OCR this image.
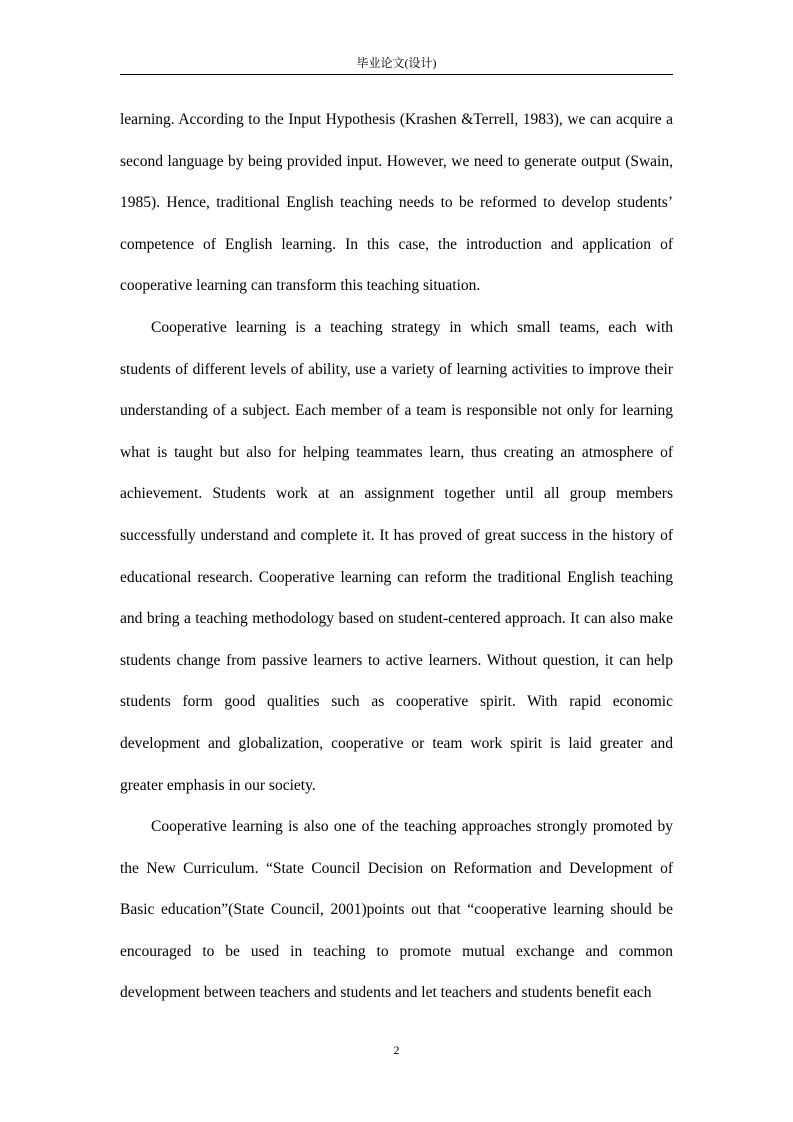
毕业论文(设计)

learning. According to the Input Hypothesis (Krashen &Terrell, 1983), we can acquire a second language by being provided input. However, we need to generate output (Swain, 1985). Hence, traditional English teaching needs to be reformed to develop students’ competence of English learning. In this case, the introduction and application of cooperative learning can transform this teaching situation.

Cooperative learning is a teaching strategy in which small teams, each with students of different levels of ability, use a variety of learning activities to improve their understanding of a subject. Each member of a team is responsible not only for learning what is taught but also for helping teammates learn, thus creating an atmosphere of achievement. Students work at an assignment together until all group members successfully understand and complete it. It has proved of great success in the history of educational research. Cooperative learning can reform the traditional English teaching and bring a teaching methodology based on student-centered approach. It can also make students change from passive learners to active learners. Without question, it can help students form good qualities such as cooperative spirit. With rapid economic development and globalization, cooperative or team work spirit is laid greater and greater emphasis in our society.

Cooperative learning is also one of the teaching approaches strongly promoted by the New Curriculum. “State Council Decision on Reformation and Development of Basic education”(State Council, 2001)points out that “cooperative learning should be encouraged to be used in teaching to promote mutual exchange and common development between teachers and students and let teachers and students benefit each

2
